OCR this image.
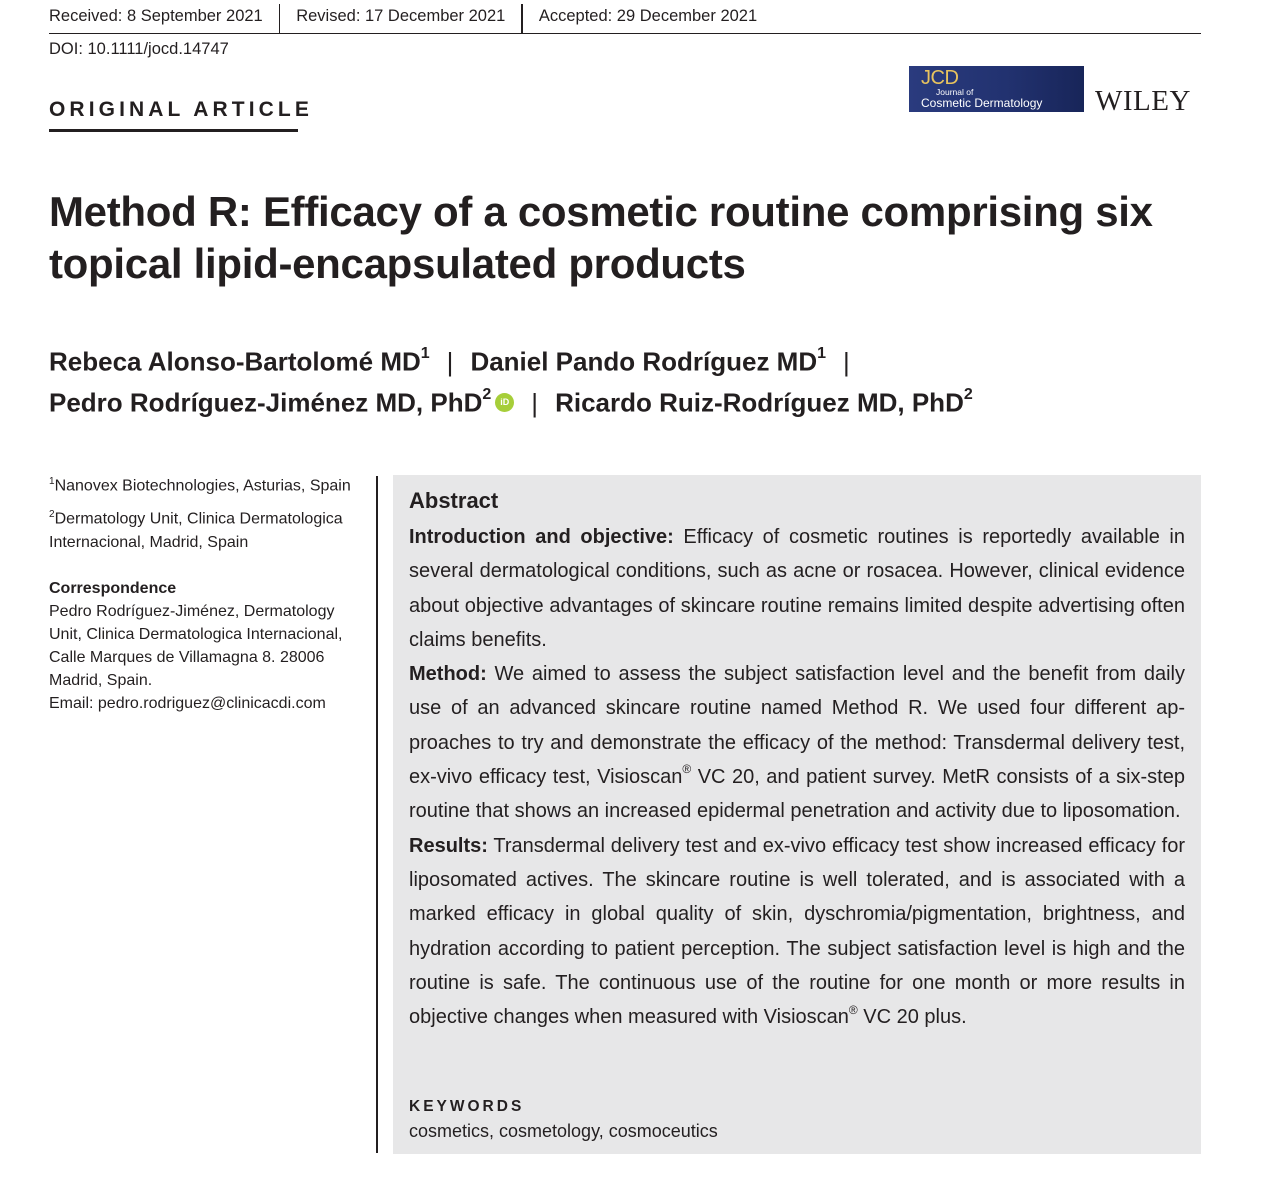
Received: 8 September 2021	Revised: 17 December 2021	Accepted: 29 December 2021
DOI: 10.1111/jocd.14747
ORIGINAL ARTICLE
JCD
Journal of
Cosmetic Dermatology WILEY
Method R: Efficacy of a cosmetic routine comprising six topical lipid-encapsulated products
Rebeca Alonso-Bartolomé $MD^1$ | Daniel Pando Rodríguez $MD^1$ |
Pedro Rodríguez-Jiménez MD, PhD$^2$ iD | Ricardo Ruiz-Rodríguez MD, PhD$^2$
$^1$Nanovex Biotechnologies, Asturias, Spain
$^2$Dermatology Unit, Clinica Dermatologica Internacional, Madrid, Spain
Correspondence
Pedro Rodríguez-Jiménez, Dermatology
Unit, Clinica Dermatologica Internacional,
Calle Marques de Villamagna 8. 28006
Madrid, Spain.
Email: pedro.rodriguez@clinicacdi.com
Abstract

Introduction and objective: Efficacy of cosmetic routines is reportedly available in several dermatological conditions, such as acne or rosacea. However, clinical evidence about objective advantages of skincare routine remains limited despite advertising often claims benefits.

Method: We aimed to assess the subject satisfaction level and the benefit from daily use of an advanced skincare routine named Method R. We used four different approaches to try and demonstrate the efficacy of the method: Transdermal delivery test, ex-vivo efficacy test, Visioscan® VC 20, and patient survey. MetR consists of a six-step routine that shows an increased epidermal penetration and activity due to liposomation.

Results: Transdermal delivery test and ex-vivo efficacy test show increased efficacy for liposomated actives. The skincare routine is well tolerated, and is associated with a marked efficacy in global quality of skin, dyschromia/pigmentation, brightness, and hydration according to patient perception. The subject satisfaction level is high and the routine is safe. The continuous use of the routine for one month or more results in objective changes when measured with Visioscan® VC 20 plus.

KEYWORDS
cosmetics, cosmetology, cosmoceutics
